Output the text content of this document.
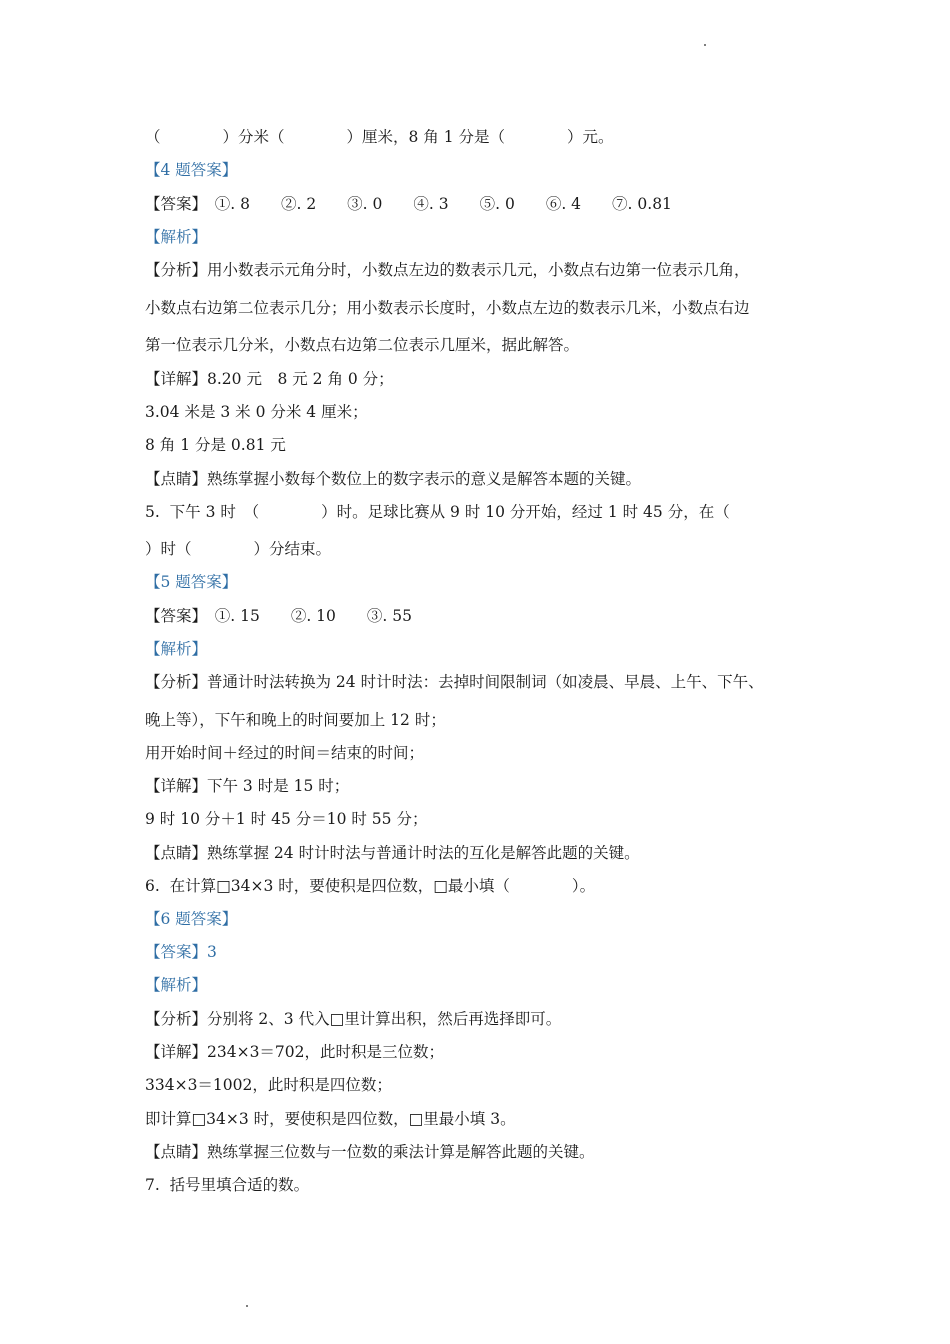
（　　　　）分米（　　　　）厘米，8 角 1 分是（　　　　）元。
【4 题答案】
【答案】　①. 8　　②. 2　　③. 0　　④. 3　　⑤. 0　　⑥. 4　　⑦. 0.81
【解析】
【分析】用小数表示元角分时，小数点左边的数表示几元，小数点右边第一位表示几角，
小数点右边第二位表示几分；用小数表示长度时，小数点左边的数表示几米，小数点右边
第一位表示几分米，小数点右边第二位表示几厘米，据此解答。
【详解】8.20 元　8 元 2 角 0 分；
3.04 米是 3 米 0 分米 4 厘米；
8 角 1 分是 0.81 元
【点睛】熟练掌握小数每个数位上的数字表示的意义是解答本题的关键。
5.  下午 3 时　（　　　　）时。足球比赛从 9 时 10 分开始，经过 1 时 45 分，在（
）时（　　　　）分结束。
【5 题答案】
【答案】　①. 15　　②. 10　　③. 55
【解析】
【分析】普通计时法转换为 24 时计时法：去掉时间限制词（如凌晨、早晨、上午、下午、
晚上等），下午和晚上的时间要加上 12 时；
用开始时间＋经过的时间＝结束的时间；
【详解】下午 3 时是 15 时；
9 时 10 分＋1 时 45 分＝10 时 55 分；
【点睛】熟练掌握 24 时计时法与普通计时法的互化是解答此题的关键。
6.  在计算□34×3 时，要使积是四位数，□最小填（　　　　）。
【6 题答案】
【答案】3
【解析】
【分析】分别将 2、3 代入□里计算出积，然后再选择即可。
【详解】234×3＝702，此时积是三位数；
334×3＝1002，此时积是四位数；
即计算□34×3 时，要使积是四位数，□里最小填 3。
【点睛】熟练掌握三位数与一位数的乘法计算是解答此题的关键。
7.  括号里填合适的数。
